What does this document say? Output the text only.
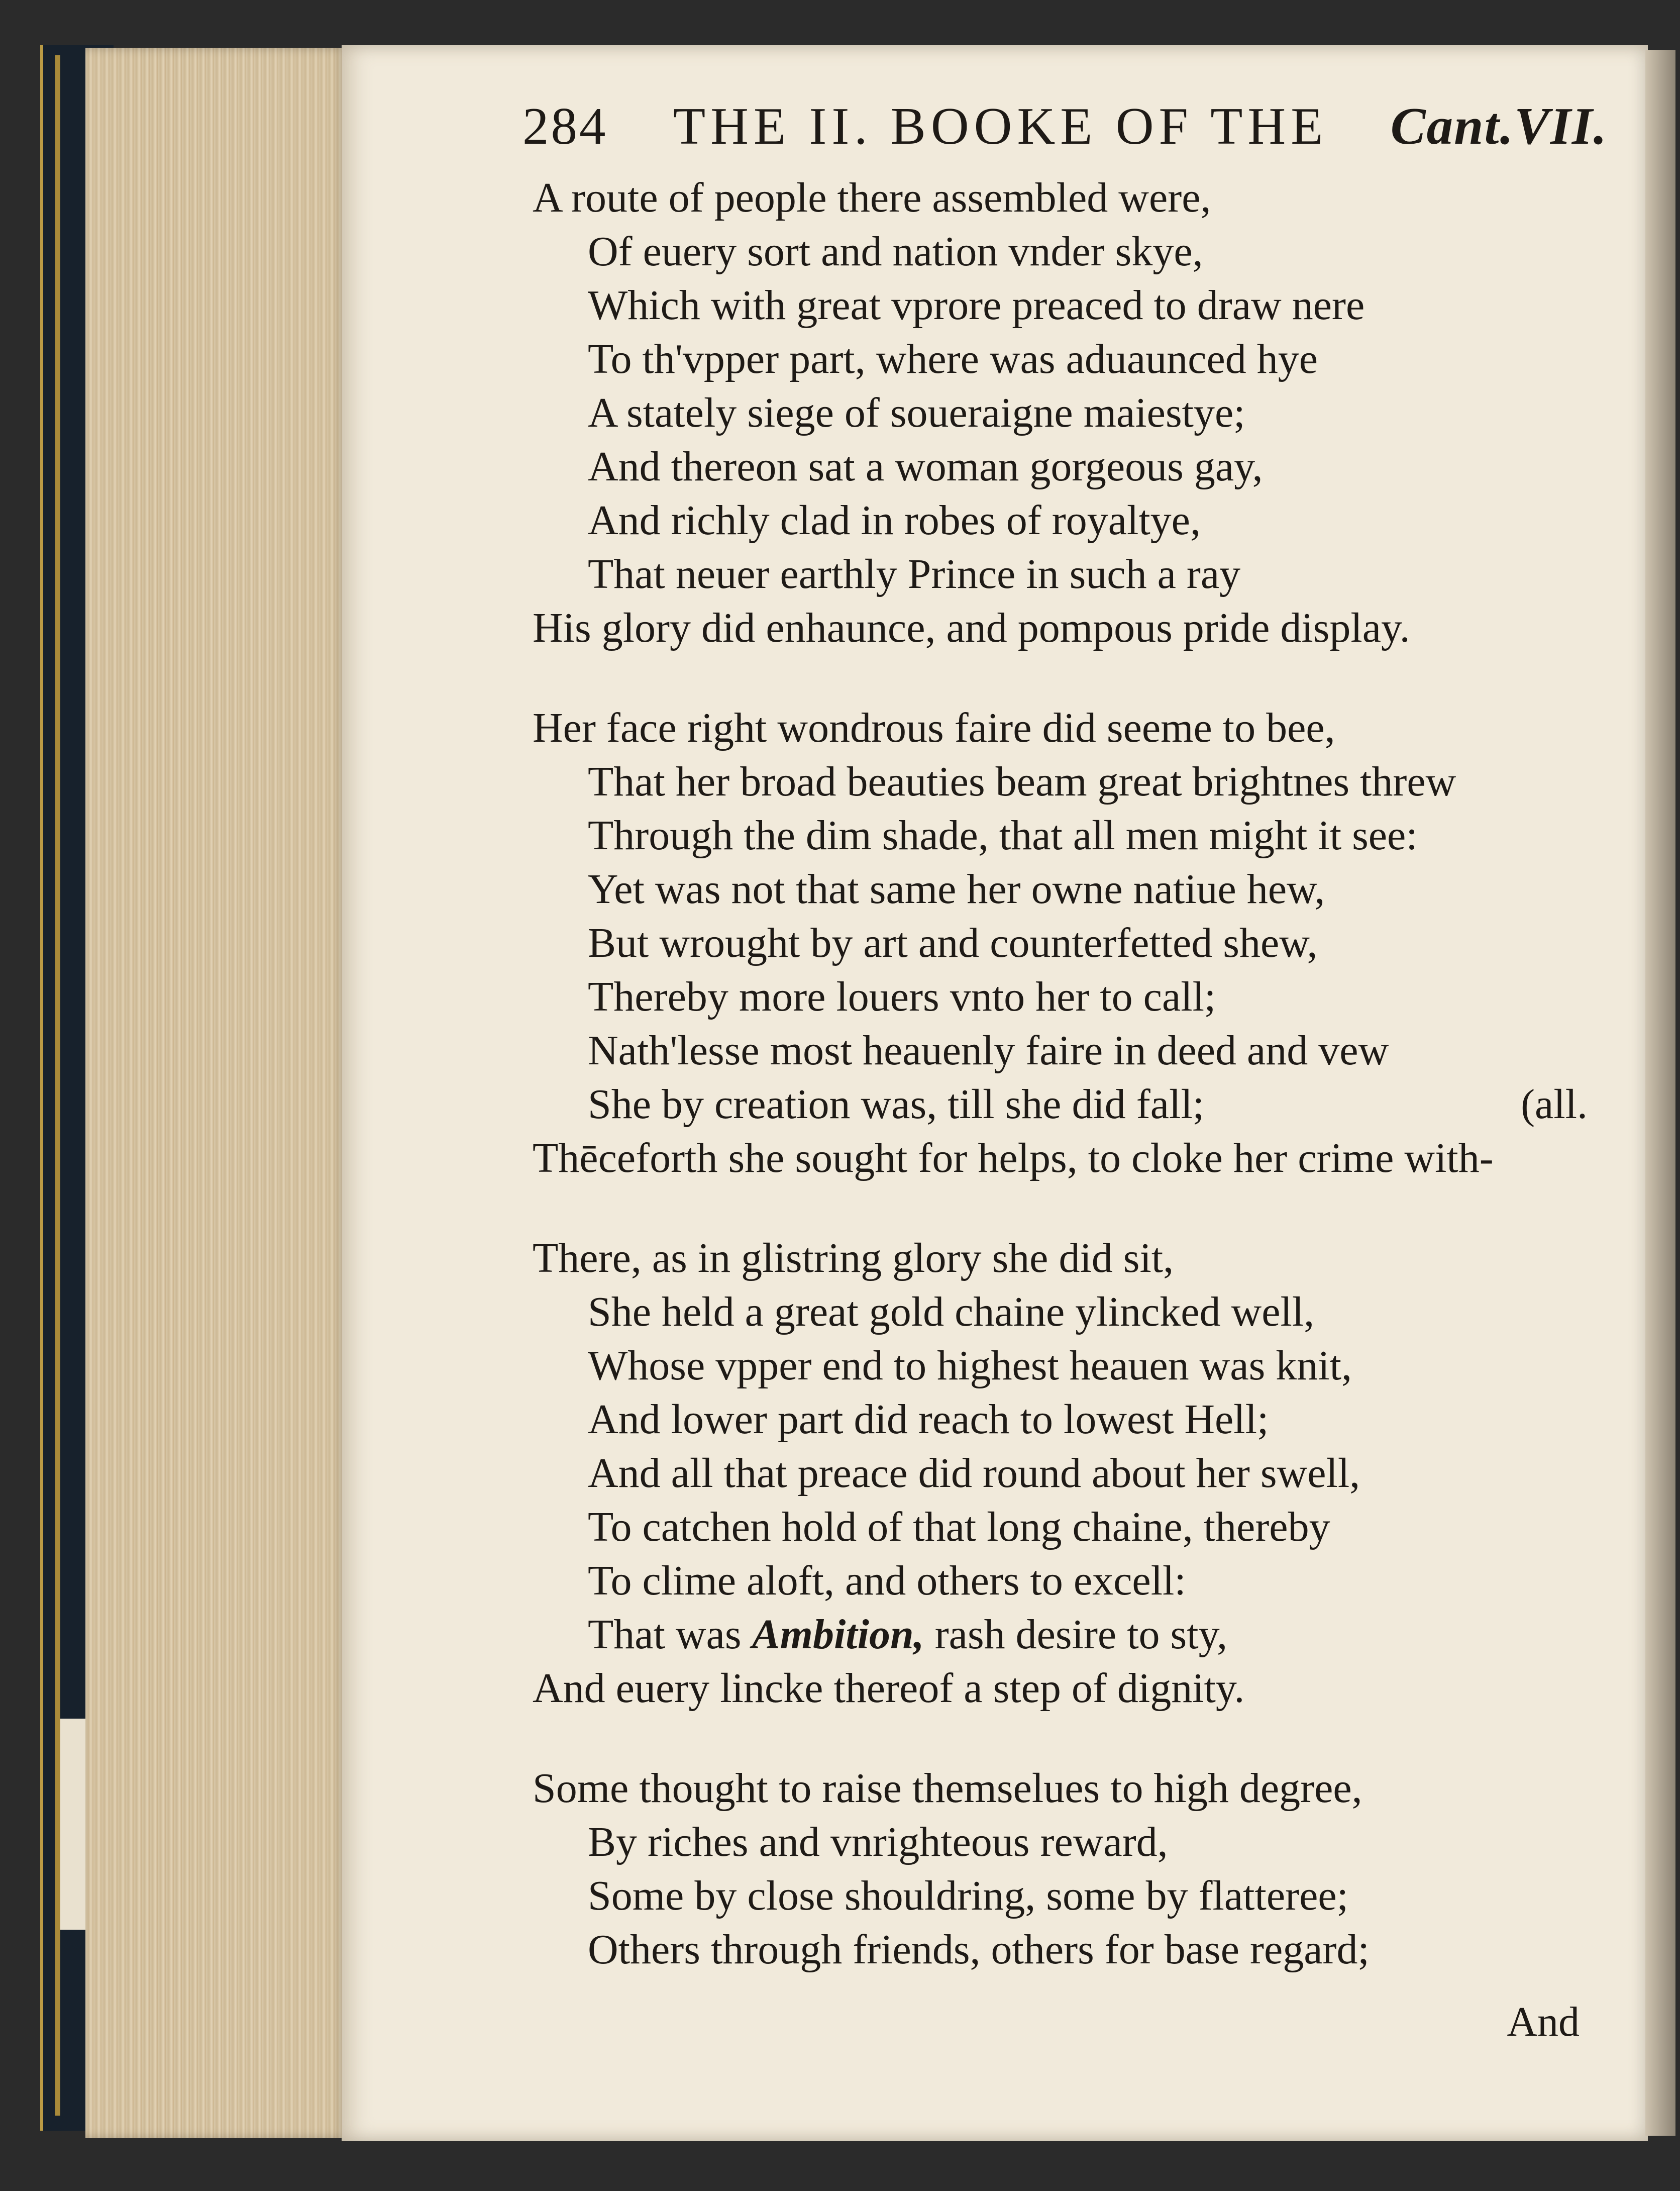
284 THE II. BOOKE OF THE Cant.VII.
A route of people there assembled were,
Of euery sort and nation vnder skye,
Which with great vprore preaced to draw nere
To th'vpper part, where was aduaunced hye
A stately siege of soueraigne maiestye;
And thereon sat a woman gorgeous gay,
And richly clad in robes of royaltye,
That neuer earthly Prince in such a ray
His glory did enhaunce, and pompous pride display.
Her face right wondrous faire did seeme to bee,
That her broad beauties beam great brightnes threw
Through the dim shade, that all men might it see:
Yet was not that same her owne natiue hew,
But wrought by art and counterfetted shew,
Thereby more louers vnto her to call;
Nath'lesse most heauenly faire in deed and vew
She by creation was, till she did fall;	(all.
Thēceforth she sought for helps, to cloke her crime with-
There, as in glistring glory she did sit,
She held a great gold chaine ylincked well,
Whose vpper end to highest heauen was knit,
And lower part did reach to lowest Hell;
And all that preace did round about her swell,
To catchen hold of that long chaine, thereby
To clime aloft, and others to excell:
That was Ambition, rash desire to sty,
And euery lincke thereof a step of dignity.
Some thought to raise themselues to high degree,
By riches and vnrighteous reward,
Some by close shouldring, some by flatteree;
Others through friends, others for base regard;
And
